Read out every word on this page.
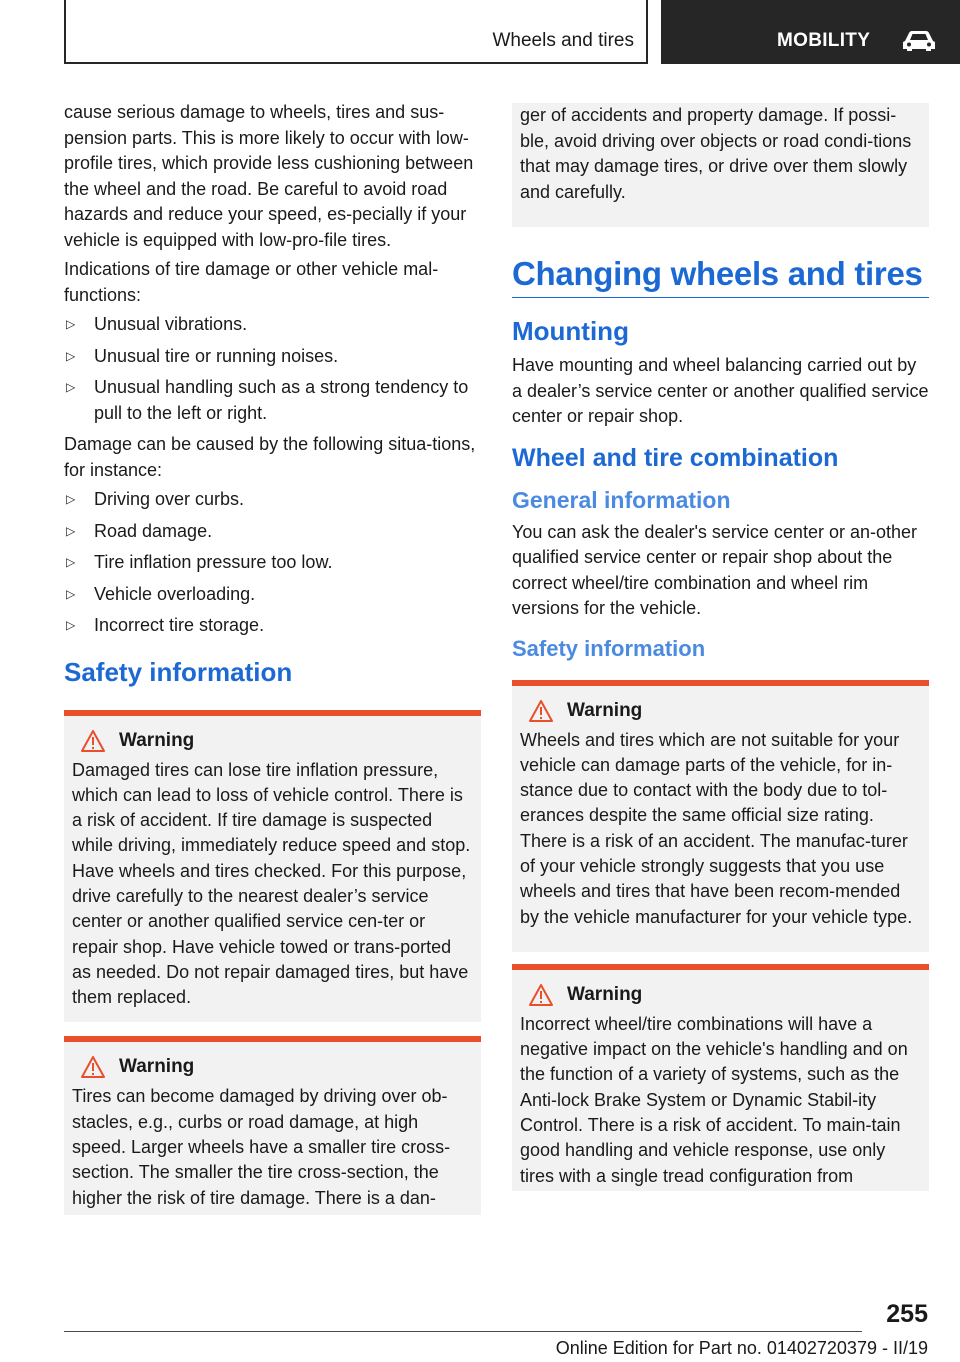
Wheels and tires	MOBILITY

cause serious damage to wheels, tires and sus-pension parts. This is more likely to occur with low-profile tires, which provide less cushioning between the wheel and the road. Be careful to avoid road hazards and reduce your speed, es-pecially if your vehicle is equipped with low-pro-file tires.

Indications of tire damage or other vehicle mal-functions:

▷ Unusual vibrations.
▷ Unusual tire or running noises.
▷ Unusual handling such as a strong tendency to pull to the left or right.

Damage can be caused by the following situa-tions, for instance:

▷ Driving over curbs.
▷ Road damage.
▷ Tire inflation pressure too low.
▷ Vehicle overloading.
▷ Incorrect tire storage.
Safety information
Warning

Damaged tires can lose tire inflation pressure, which can lead to loss of vehicle control. There is a risk of accident. If tire damage is suspected while driving, immediately reduce speed and stop. Have wheels and tires checked. For this purpose, drive carefully to the nearest dealer’s service center or another qualified service cen-ter or repair shop. Have vehicle towed or trans-ported as needed. Do not repair damaged tires, but have them replaced.

Warning

Tires can become damaged by driving over ob-stacles, e.g., curbs or road damage, at high speed. Larger wheels have a smaller tire cross-section. The smaller the tire cross-section, the higher the risk of tire damage. There is a dan-

ger of accidents and property damage. If possi-ble, avoid driving over objects or road condi-tions that may damage tires, or drive over them slowly and carefully.

Changing wheels and tires
Mounting

Have mounting and wheel balancing carried out by a dealer’s service center or another qualified service center or repair shop.

Wheel and tire combination
General information

You can ask the dealer's service center or an-other qualified service center or repair shop about the correct wheel/tire combination and wheel rim versions for the vehicle.

Safety information
Warning

Wheels and tires which are not suitable for your vehicle can damage parts of the vehicle, for in-stance due to contact with the body due to tol-erances despite the same official size rating. There is a risk of an accident. The manufac-turer of your vehicle strongly suggests that you use wheels and tires that have been recom-mended by the vehicle manufacturer for your vehicle type.

Warning

Incorrect wheel/tire combinations will have a negative impact on the vehicle's handling and on the function of a variety of systems, such as the Anti-lock Brake System or Dynamic Stabil-ity Control. There is a risk of accident. To main-tain good handling and vehicle response, use only tires with a single tread configuration from

255
Online Edition for Part no. 01402720379 - II/19
